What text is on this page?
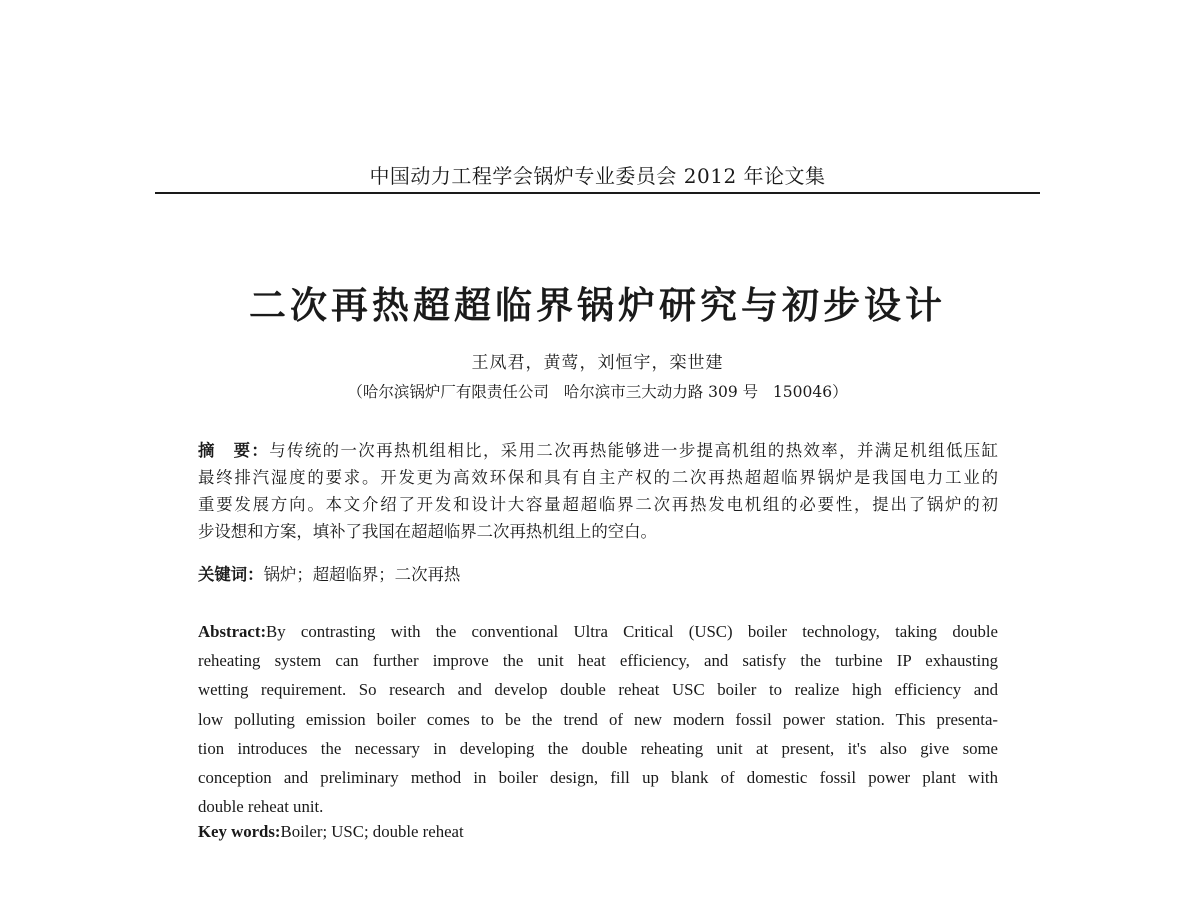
中国动力工程学会锅炉专业委员会 2012 年论文集
二次再热超超临界锅炉研究与初步设计
王凤君，黄莺，刘恒宇，栾世建
（哈尔滨锅炉厂有限责任公司   哈尔滨市三大动力路 309 号   150046）
摘　要：与传统的一次再热机组相比，采用二次再热能够进一步提高机组的热效率，并满足机组低压缸
最终排汽湿度的要求。开发更为高效环保和具有自主产权的二次再热超超临界锅炉是我国电力工业的
重要发展方向。本文介绍了开发和设计大容量超超临界二次再热发电机组的必要性，提出了锅炉的初
步设想和方案，填补了我国在超超临界二次再热机组上的空白。
关键词：锅炉；超超临界；二次再热
Abstract:By contrasting with the conventional Ultra Critical (USC) boiler technology, taking double
reheating system can further improve the unit heat efficiency, and satisfy the turbine IP exhausting
wetting requirement. So research and develop double reheat USC boiler to realize high efficiency and
low polluting emission boiler comes to be the trend of new modern fossil power station. This presenta-
tion introduces the necessary in developing the double reheating unit at present, it's also give some
conception and preliminary method in boiler design, fill up blank of domestic fossil power plant with
double reheat unit.
Key words:Boiler; USC; double reheat
